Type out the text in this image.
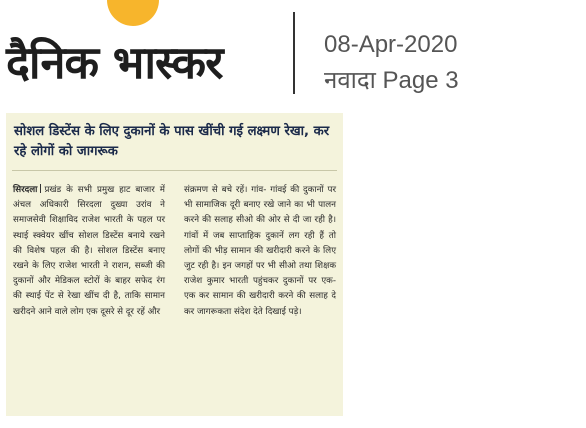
दैनिक भास्कर	08-Apr-2020
नवादा Page 3
सोशल डिस्टेंस के लिए दुकानों के पास खींची गई लक्ष्मण रेखा, कर रहे लोगों को जागरूक
सिरदला प्रखंड के सभी प्रमुख हाट बाजार में अंचल अधिकारी सिरदला दुख्या उरांव ने समाजसेवी शिक्षाविद राजेश भारती के पहल पर स्थाई स्क्वेयर खींच सोशल डिस्टेंस बनाये रखने की विशेष पहल की है। सोशल डिस्टेंस बनाए रखने के लिए राजेश भारती ने राशन, सब्जी की दुकानों और मेडिकल स्टोरों के बाहर सफेद रंग की स्थाई पेंट से रेखा खींच दी है, ताकि सामान खरीदने आने वाले लोग एक दूसरे से दूर रहें और
संक्रमण से बचे रहें। गांव- गांवई की दुकानों पर भी सामाजिक दूरी बनाए रखे जाने का भी पालन करने की सलाह सीओ की ओर से दी जा रही है। गांवों में जब साप्ताहिक दुकानें लग रही हैं तो लोगों की भीड़ सामान की खरीदारी करने के लिए जुट रही है। इन जगहों पर भी सीओ तथा शिक्षक राजेश कुमार भारती पहुंचकर दुकानों पर एक- एक कर सामान की खरीदारी करने की सलाह दे कर जागरूकता संदेश देते दिखाई पड़े।
